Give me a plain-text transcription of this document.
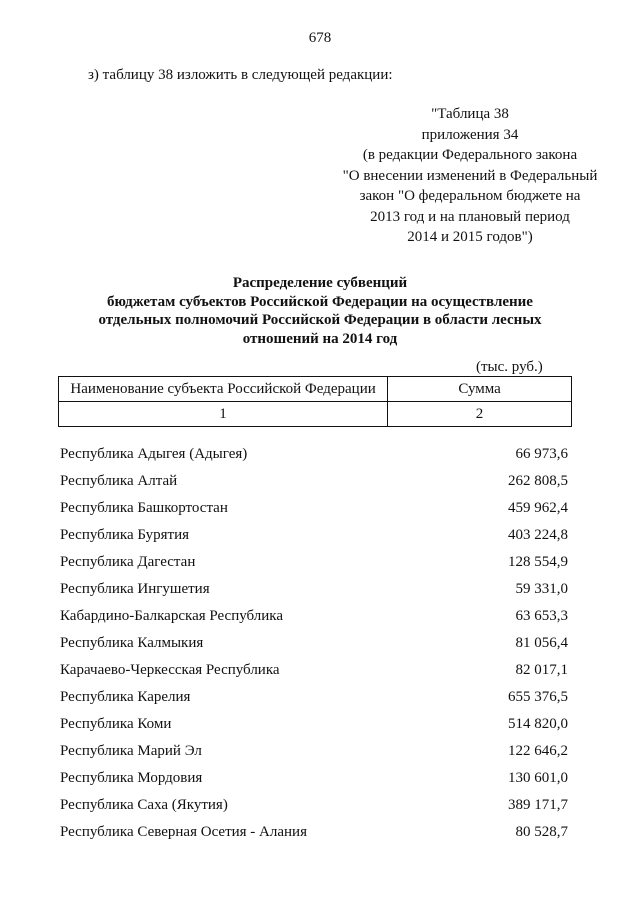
678
з) таблицу 38 изложить в следующей редакции:
"Таблица 38
приложения 34
(в редакции Федерального закона
"О внесении изменений в Федеральный
закон "О федеральном бюджете на
2013 год и на плановый период
2014 и 2015 годов")
Распределение субвенций
бюджетам субъектов Российской Федерации на осуществление
отдельных полномочий Российской Федерации в области лесных
отношений на 2014 год
(тыс. руб.)
Наименование субъекта Российской Федерации	Сумма
1	2
Республика Адыгея (Адыгея)	66 973,6
Республика Алтай	262 808,5
Республика Башкортостан	459 962,4
Республика Бурятия	403 224,8
Республика Дагестан	128 554,9
Республика Ингушетия	59 331,0
Кабардино-Балкарская Республика	63 653,3
Республика Калмыкия	81 056,4
Карачаево-Черкесская Республика	82 017,1
Республика Карелия	655 376,5
Республика Коми	514 820,0
Республика Марий Эл	122 646,2
Республика Мордовия	130 601,0
Республика Саха (Якутия)	389 171,7
Республика Северная Осетия - Алания	80 528,7
